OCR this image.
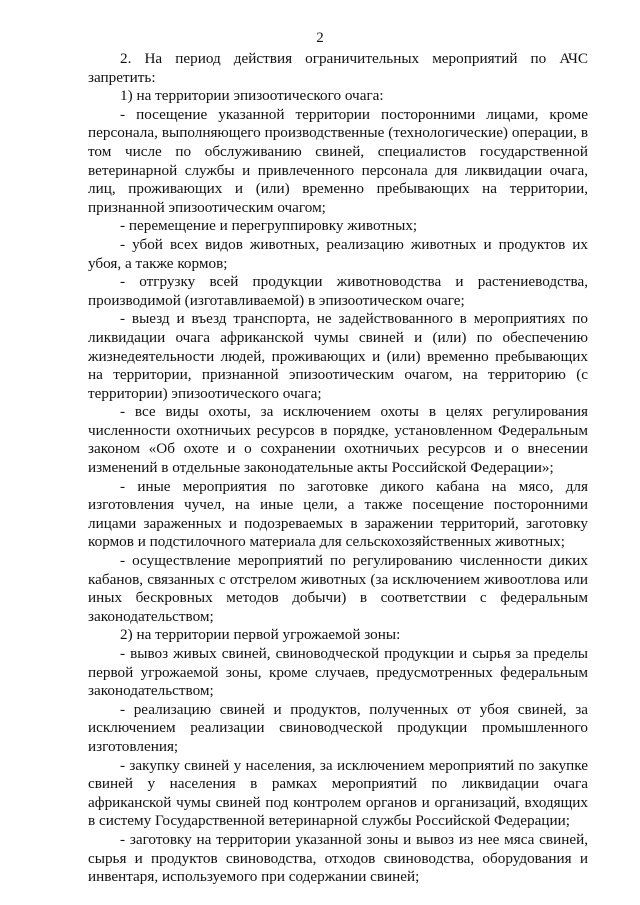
2

2. На период действия ограничительных мероприятий по АЧС запретить:

1) на территории эпизоотического очага:

- посещение указанной территории посторонними лицами, кроме персонала, выполняющего производственные (технологические) операции, в том числе по обслуживанию свиней, специалистов государственной ветеринарной службы и привлеченного персонала для ликвидации очага, лиц, проживающих и (или) временно пребывающих на территории, признанной эпизоотическим очагом;

- перемещение и перегруппировку животных;

- убой всех видов животных, реализацию животных и продуктов их убоя, а также кормов;

- отгрузку всей продукции животноводства и растениеводства, производимой (изготавливаемой) в эпизоотическом очаге;

- выезд и въезд транспорта, не задействованного в мероприятиях по ликвидации очага африканской чумы свиней и (или) по обеспечению жизнедеятельности людей, проживающих и (или) временно пребывающих на территории, признанной эпизоотическим очагом, на территорию (с территории) эпизоотического очага;

- все виды охоты, за исключением охоты в целях регулирования численности охотничьих ресурсов в порядке, установленном Федеральным законом «Об охоте и о сохранении охотничьих ресурсов и о внесении изменений в отдельные законодательные акты Российской Федерации»;

- иные мероприятия по заготовке дикого кабана на мясо, для изготовления чучел, на иные цели, а также посещение посторонними лицами зараженных и подозреваемых в заражении территорий, заготовку кормов и подстилочного материала для сельскохозяйственных животных;

- осуществление мероприятий по регулированию численности диких кабанов, связанных с отстрелом животных (за исключением живоотлова или иных бескровных методов добычи) в соответствии с федеральным законодательством;

2) на территории первой угрожаемой зоны:

- вывоз живых свиней, свиноводческой продукции и сырья за пределы первой угрожаемой зоны, кроме случаев, предусмотренных федеральным законодательством;

- реализацию свиней и продуктов, полученных от убоя свиней, за исключением реализации свиноводческой продукции промышленного изготовления;

- закупку свиней у населения, за исключением мероприятий по закупке свиней у населения в рамках мероприятий по ликвидации очага африканской чумы свиней под контролем органов и организаций, входящих в систему Государственной ветеринарной службы Российской Федерации;

- заготовку на территории указанной зоны и вывоз из нее мяса свиней, сырья и продуктов свиноводства, отходов свиноводства, оборудования и инвентаря, используемого при содержании свиней;
